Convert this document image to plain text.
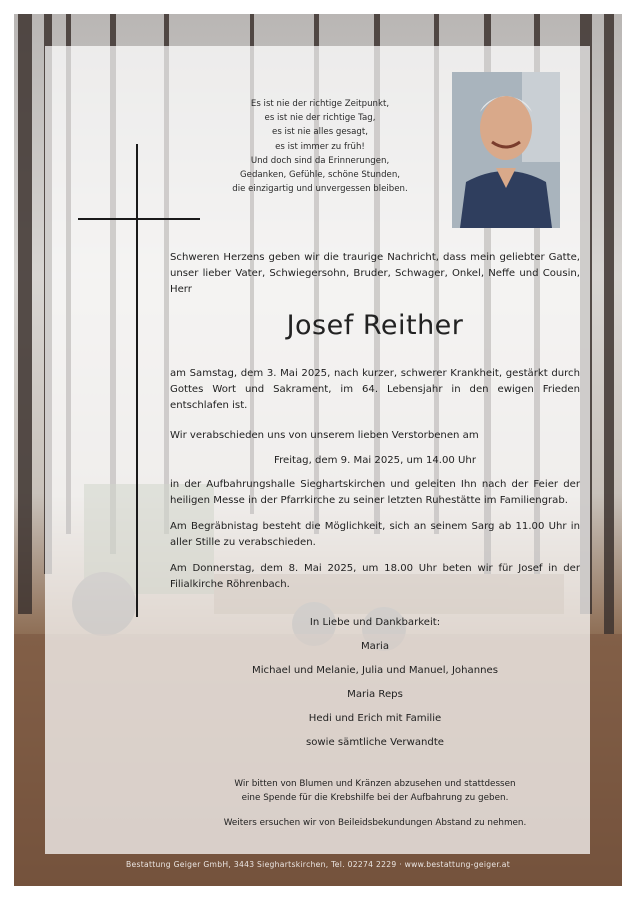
Es ist nie der richtige Zeitpunkt,
es ist nie der richtige Tag,
es ist nie alles gesagt,
es ist immer zu früh!
Und doch sind da Erinnerungen,
Gedanken, Gefühle, schöne Stunden,
die einzigartig und unvergessen bleiben.
Schweren Herzens geben wir die traurige Nachricht, dass mein geliebter Gatte, unser lieber Vater, Schwiegersohn, Bruder, Schwager, Onkel, Neffe und Cousin, Herr
Josef Reither
am Samstag, dem 3. Mai 2025, nach kurzer, schwerer Krankheit, gestärkt durch Gottes Wort und Sakrament, im 64. Lebensjahr in den ewigen Frieden entschlafen ist.
Wir verabschieden uns von unserem lieben Verstorbenen am
Freitag, dem 9. Mai 2025, um 14.00 Uhr
in der Aufbahrungshalle Sieghartskirchen und geleiten Ihn nach der Feier der heiligen Messe in der Pfarrkirche zu seiner letzten Ruhestätte im Familiengrab.
Am Begräbnistag besteht die Möglichkeit, sich an seinem Sarg ab 11.00 Uhr in aller Stille zu verabschieden.
Am Donnerstag, dem 8. Mai 2025, um 18.00 Uhr beten wir für Josef in der Filialkirche Röhrenbach.
In Liebe und Dankbarkeit:
Maria
Michael und Melanie, Julia und Manuel, Johannes
Maria Reps
Hedi und Erich mit Familie
sowie sämtliche Verwandte
Wir bitten von Blumen und Kränzen abzusehen und stattdessen
eine Spende für die Krebshilfe bei der Aufbahrung zu geben.
Weiters ersuchen wir von Beileidsbekundungen Abstand zu nehmen.
Bestattung Geiger GmbH, 3443 Sieghartskirchen, Tel. 02274 2229 · www.bestattung-geiger.at
